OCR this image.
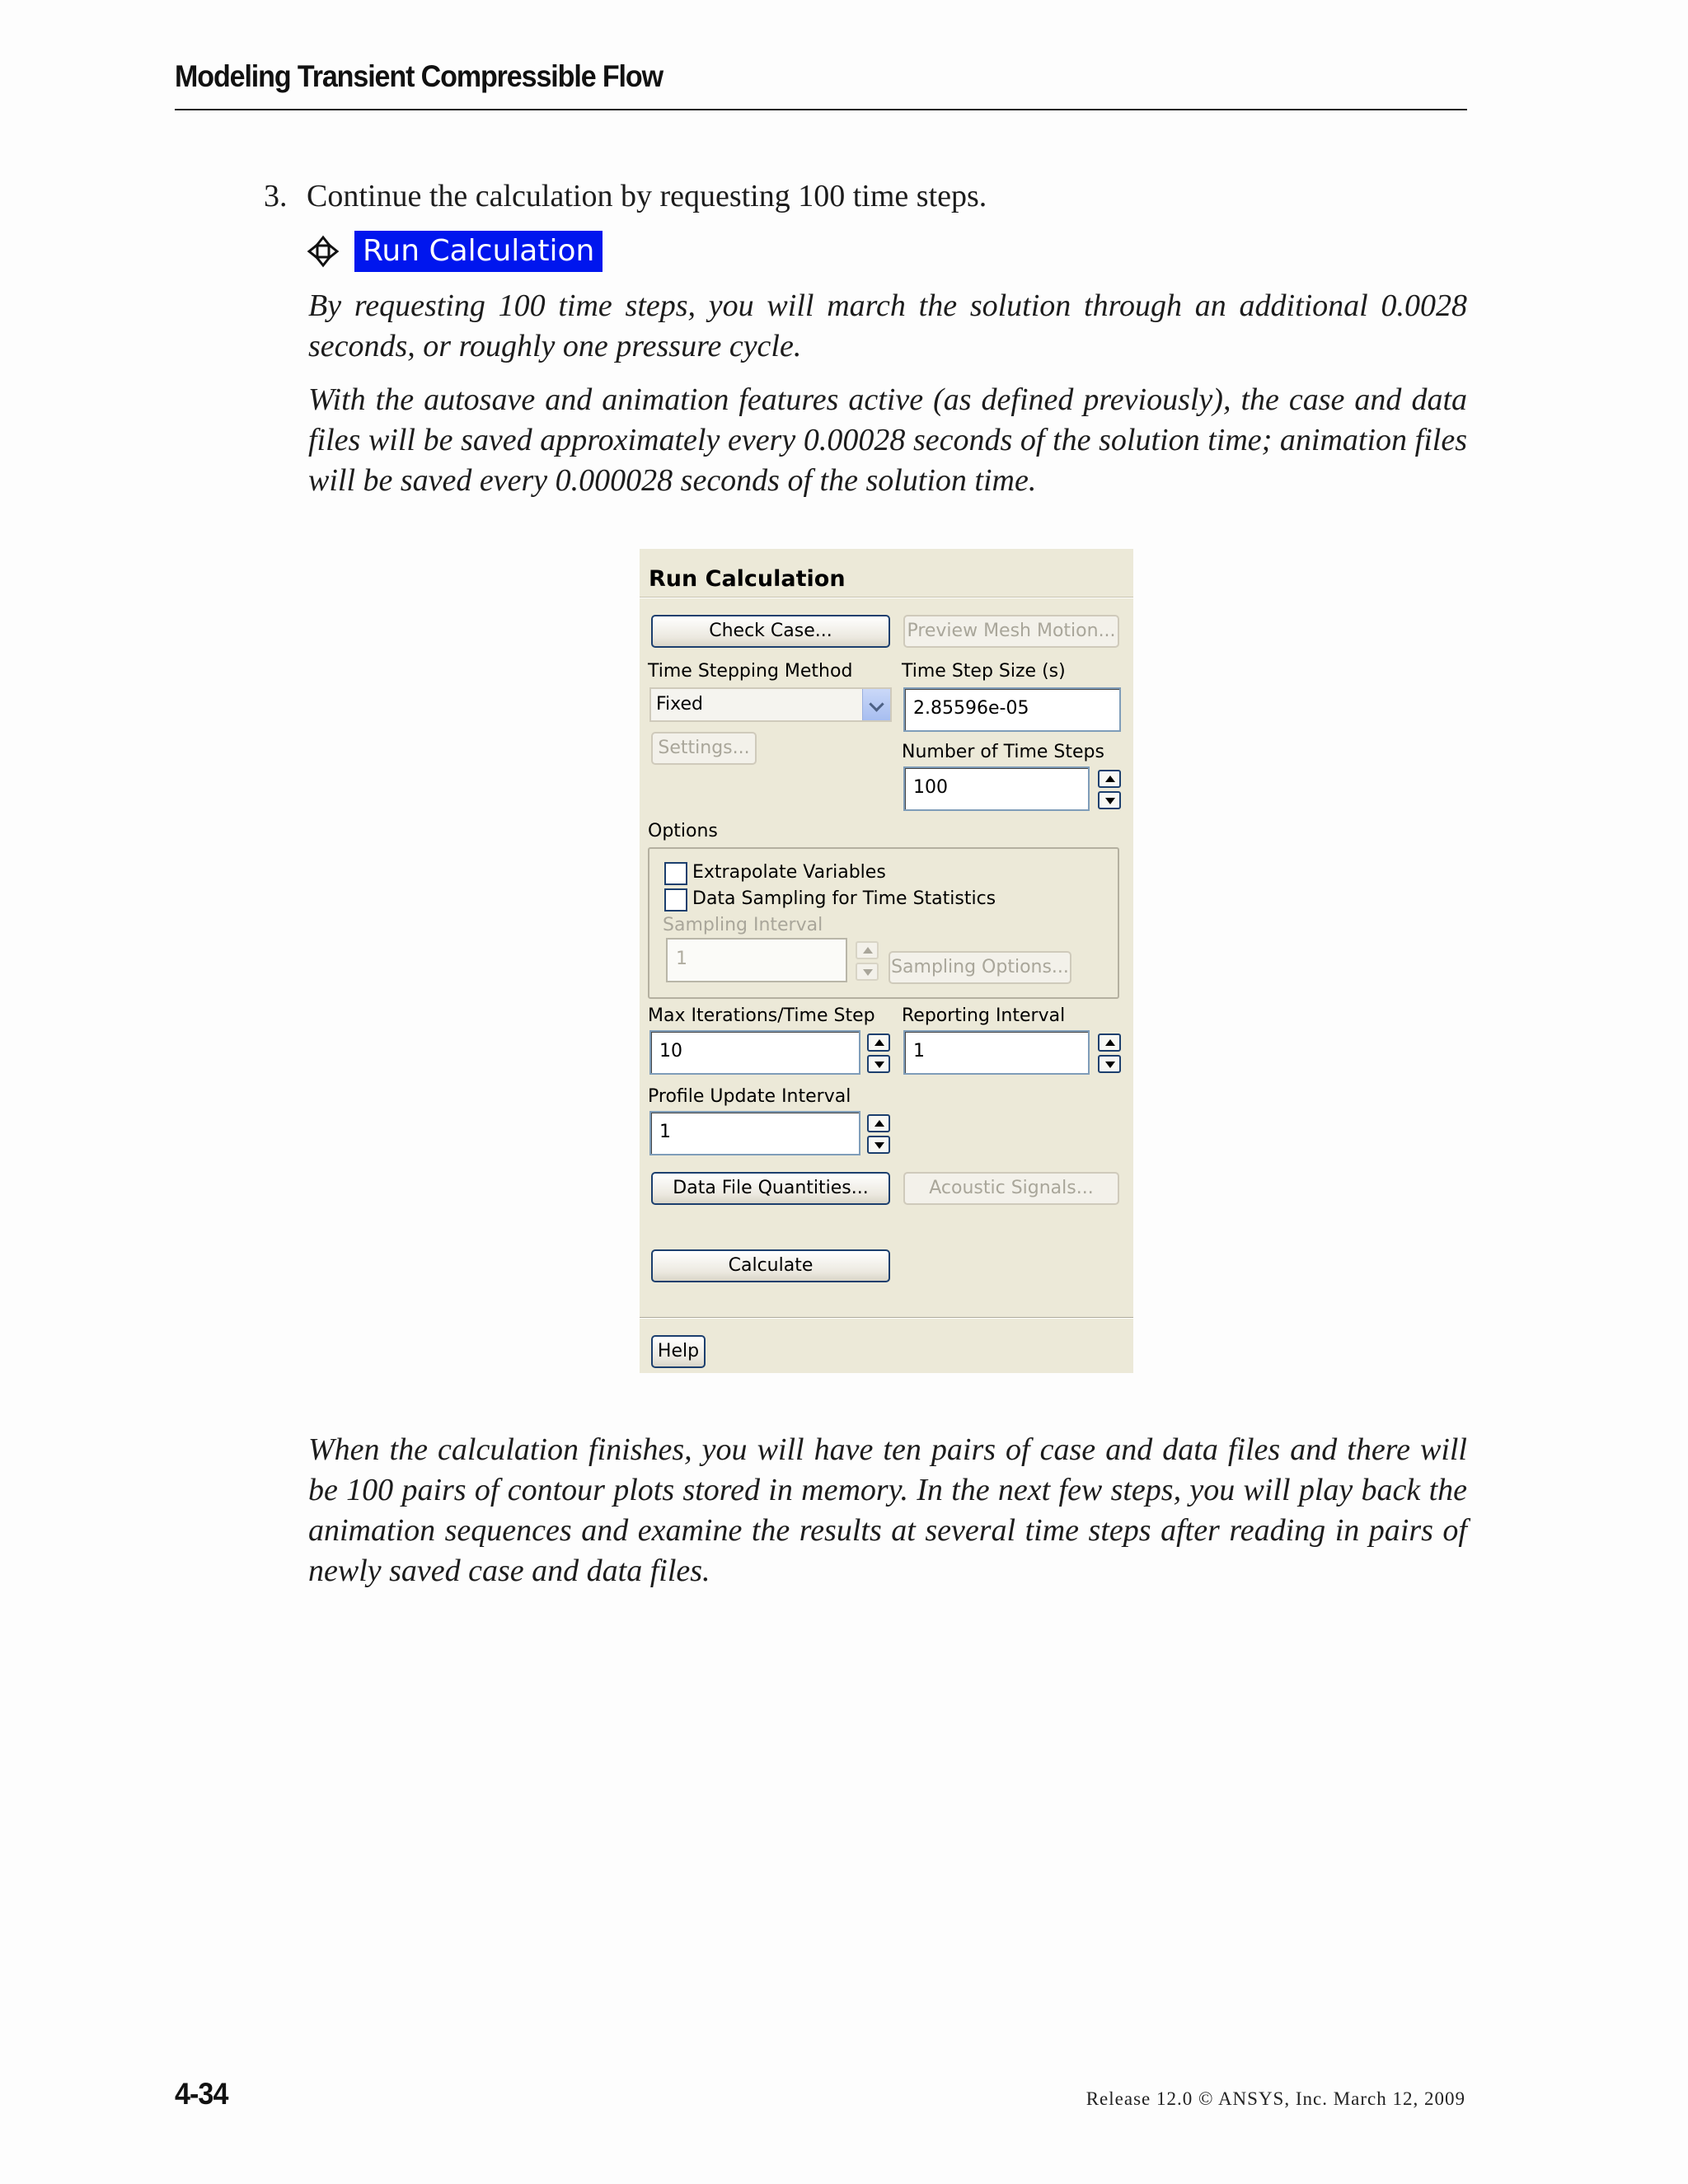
Modeling Transient Compressible Flow
3. Continue the calculation by requesting 100 time steps.
Run Calculation

By requesting 100 time steps, you will march the solution through an additional 0.0028 seconds, or roughly one pressure cycle.

With the autosave and animation features active (as defined previously), the case and data files will be saved approximately every 0.00028 seconds of the solution time; animation files will be saved every 0.000028 seconds of the solution time.

Run Calculation
Check Case...	Preview Mesh Motion...
Time Stepping Method
Fixed
Time Step Size (s)
2.85596e-05
Settings...	Number of Time Steps
100
Options
Extrapolate Variables
Data Sampling for Time Statistics
Sampling Interval
1	Sampling Options...
Max Iterations/Time Step
10
Reporting Interval
1
Profile Update Interval
1
Data File Quantities...	Acoustic Signals...
Calculate
Help

When the calculation finishes, you will have ten pairs of case and data files and there will be 100 pairs of contour plots stored in memory. In the next few steps, you will play back the animation sequences and examine the results at several time steps after reading in pairs of newly saved case and data files.

4-34	Release 12.0 © ANSYS, Inc. March 12, 2009
